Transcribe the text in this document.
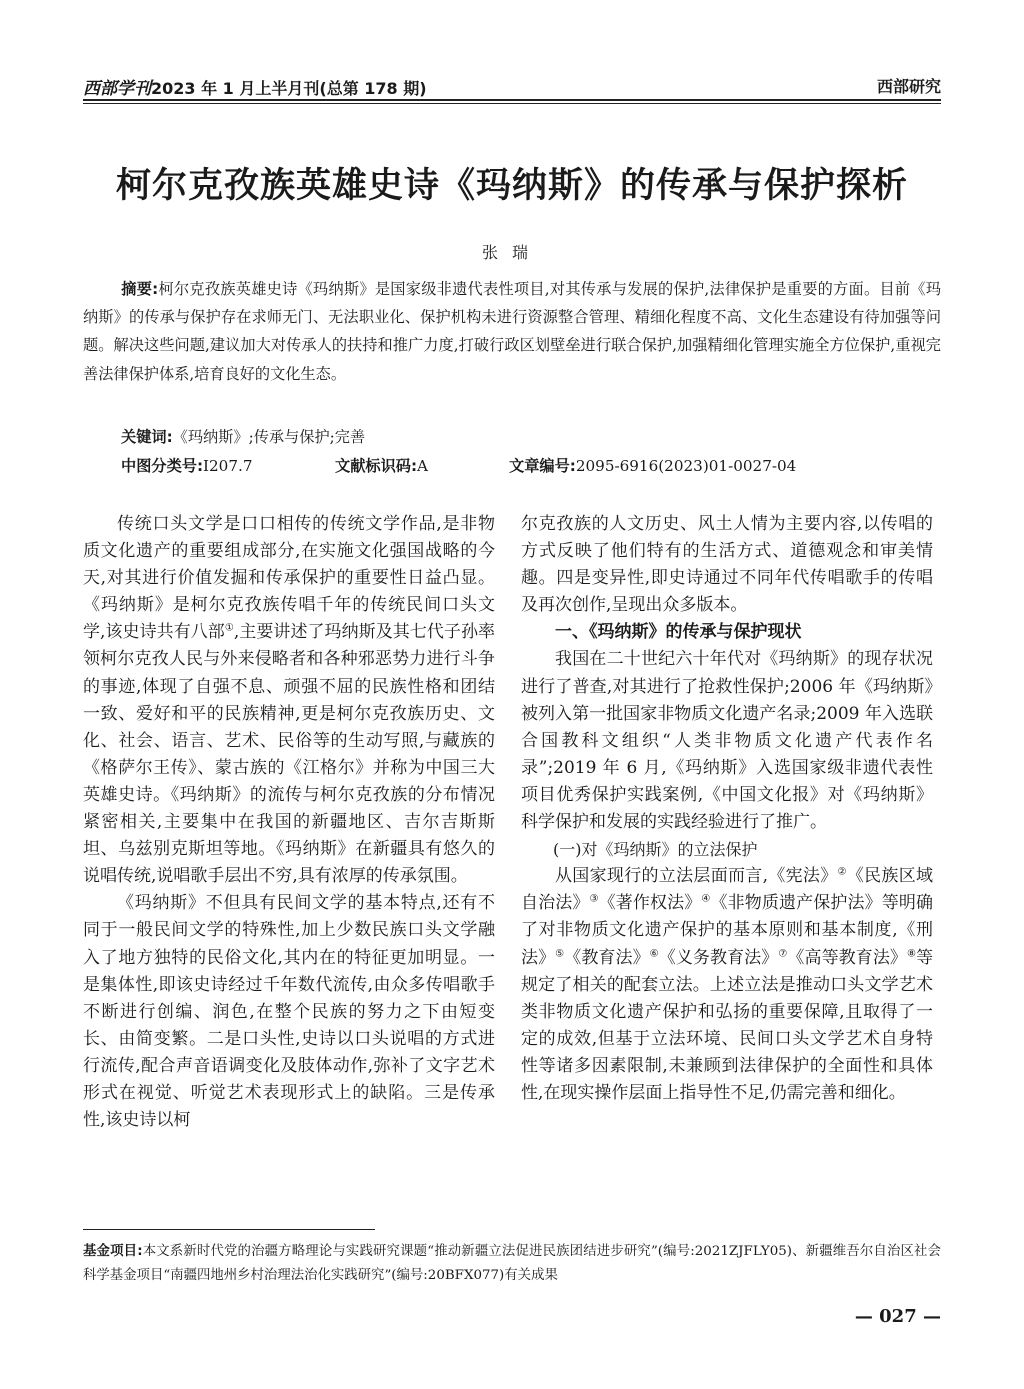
西部学刊2023 年 1 月上半月刊(总第 178 期)	西部研究
柯尔克孜族英雄史诗《玛纳斯》的传承与保护探析
张瑞
摘要:柯尔克孜族英雄史诗《玛纳斯》是国家级非遗代表性项目,对其传承与发展的保护,法律保护是重要的方面。目前《玛纳斯》的传承与保护存在求师无门、无法职业化、保护机构未进行资源整合管理、精细化程度不高、文化生态建设有待加强等问题。解决这些问题,建议加大对传承人的扶持和推广力度,打破行政区划壁垒进行联合保护,加强精细化管理实施全方位保护,重视完善法律保护体系,培育良好的文化生态。
关键词:《玛纳斯》;传承与保护;完善
中图分类号:I207.7	文献标识码:A	文章编号:2095-6916(2023)01-0027-04

传统口头文学是口口相传的传统文学作品,是非物质文化遗产的重要组成部分,在实施文化强国战略的今天,对其进行价值发掘和传承保护的重要性日益凸显。《玛纳斯》是柯尔克孜族传唱千年的传统民间口头文学,该史诗共有八部①,主要讲述了玛纳斯及其七代子孙率领柯尔克孜人民与外来侵略者和各种邪恶势力进行斗争的事迹,体现了自强不息、顽强不屈的民族性格和团结一致、爱好和平的民族精神,更是柯尔克孜族历史、文化、社会、语言、艺术、民俗等的生动写照,与藏族的《格萨尔王传》、蒙古族的《江格尔》并称为中国三大英雄史诗。《玛纳斯》的流传与柯尔克孜族的分布情况紧密相关,主要集中在我国的新疆地区、吉尔吉斯斯坦、乌兹别克斯坦等地。《玛纳斯》在新疆具有悠久的说唱传统,说唱歌手层出不穷,具有浓厚的传承氛围。

《玛纳斯》不但具有民间文学的基本特点,还有不同于一般民间文学的特殊性,加上少数民族口头文学融入了地方独特的民俗文化,其内在的特征更加明显。一是集体性,即该史诗经过千年数代流传,由众多传唱歌手不断进行创编、润色,在整个民族的努力之下由短变长、由简变繁。二是口头性,史诗以口头说唱的方式进行流传,配合声音语调变化及肢体动作,弥补了文字艺术形式在视觉、听觉艺术表现形式上的缺陷。三是传承性,该史诗以柯

尔克孜族的人文历史、风土人情为主要内容,以传唱的方式反映了他们特有的生活方式、道德观念和审美情趣。四是变异性,即史诗通过不同年代传唱歌手的传唱及再次创作,呈现出众多版本。

一、《玛纳斯》的传承与保护现状

我国在二十世纪六十年代对《玛纳斯》的现存状况进行了普查,对其进行了抢救性保护;2006 年《玛纳斯》被列入第一批国家非物质文化遗产名录;2009 年入选联合国教科文组织“人类非物质文化遗产代表作名录”;2019 年 6 月,《玛纳斯》入选国家级非遗代表性项目优秀保护实践案例,《中国文化报》对《玛纳斯》科学保护和发展的实践经验进行了推广。

(一)对《玛纳斯》的立法保护

从国家现行的立法层面而言,《宪法》②《民族区域自治法》③《著作权法》④《非物质遗产保护法》等明确了对非物质文化遗产保护的基本原则和基本制度,《刑法》⑤《教育法》⑥《义务教育法》⑦《高等教育法》⑧等规定了相关的配套立法。上述立法是推动口头文学艺术类非物质文化遗产保护和弘扬的重要保障,且取得了一定的成效,但基于立法环境、民间口头文学艺术自身特性等诸多因素限制,未兼顾到法律保护的全面性和具体性,在现实操作层面上指导性不足,仍需完善和细化。

基金项目:本文系新时代党的治疆方略理论与实践研究课题“推动新疆立法促进民族团结进步研究”(编号:2021ZJFLY05)、新疆维吾尔自治区社会科学基金项目“南疆四地州乡村治理法治化实践研究”(编号:20BFX077)有关成果
— 027 —
